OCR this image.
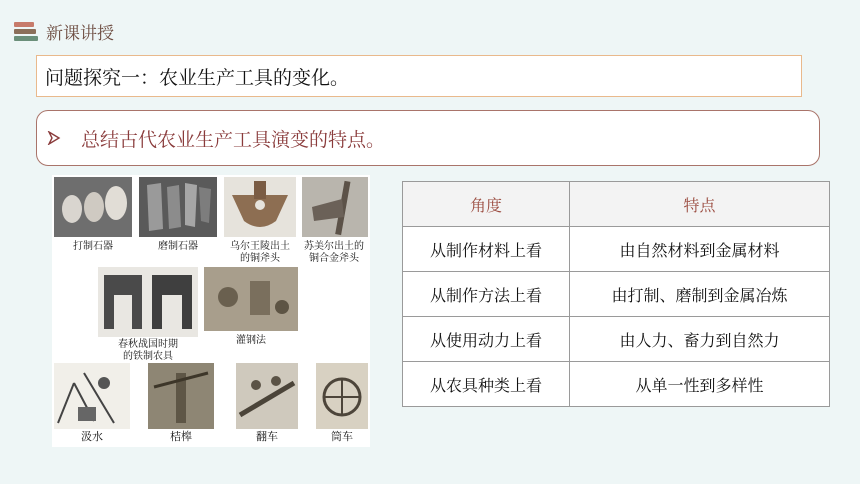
新课讲授
问题探究一：农业生产工具的变化。
总结古代农业生产工具演变的特点。
打制石器	磨制石器	乌尔王陵出土
的铜斧头
苏美尔出土的
铜合金斧头
春秋战国时期
的铁制农具
灌钢法
汲水	桔槔	翻车	筒车
角度	特点
从制作材料上看	由自然材料到金属材料
从制作方法上看	由打制、磨制到金属冶炼
从使用动力上看	由人力、畜力到自然力
从农具种类上看	从单一性到多样性
